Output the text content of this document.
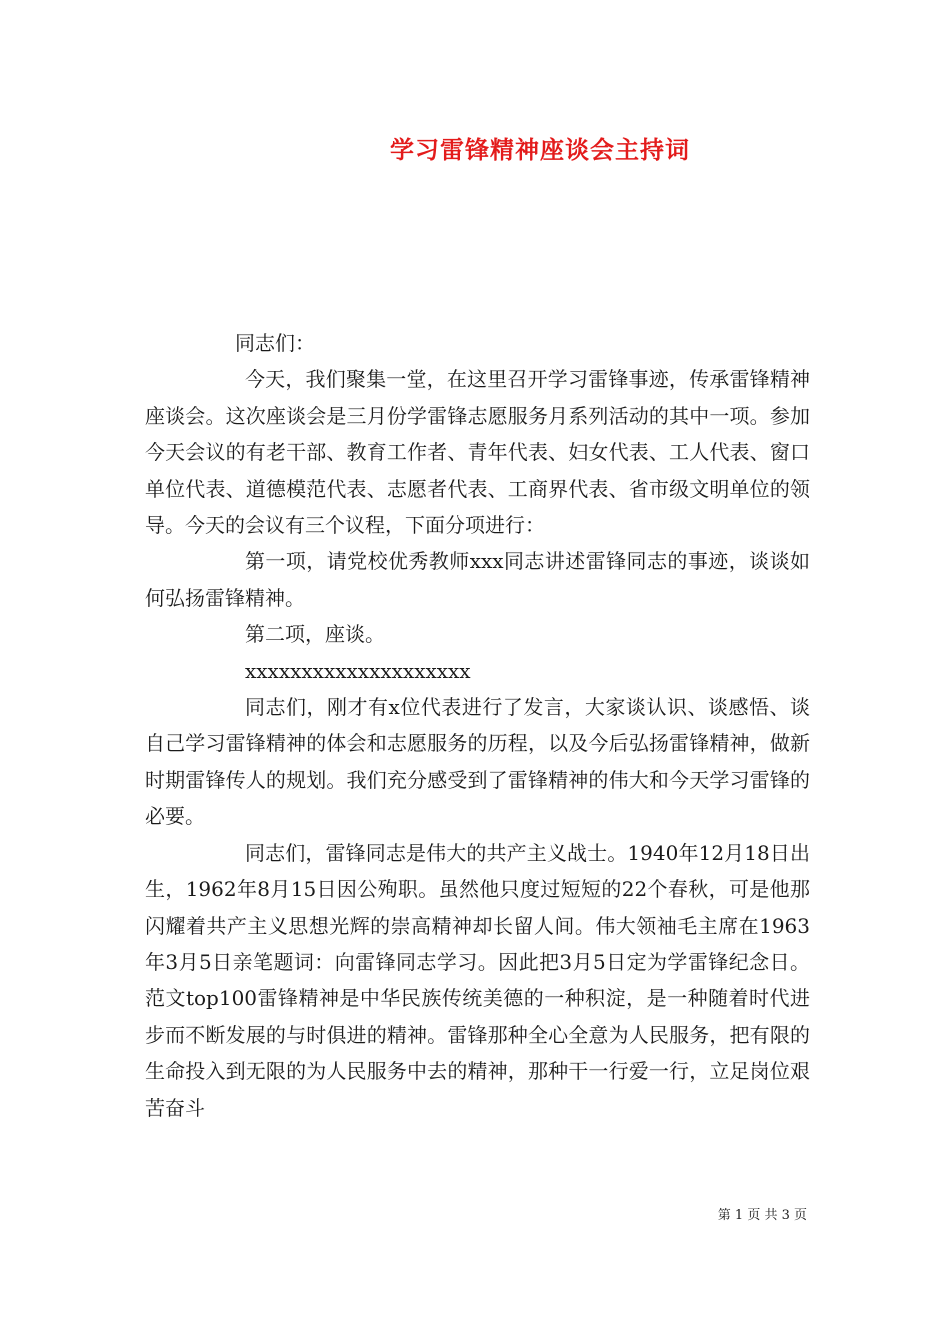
学习雷锋精神座谈会主持词

同志们：

今天，我们聚集一堂，在这里召开学习雷锋事迹，传承雷锋精神座谈会。这次座谈会是三月份学雷锋志愿服务月系列活动的其中一项。参加今天会议的有老干部、教育工作者、青年代表、妇女代表、工人代表、窗口单位代表、道德模范代表、志愿者代表、工商界代表、省市级文明单位的领导。今天的会议有三个议程，下面分项进行：

第一项，请党校优秀教师xxx同志讲述雷锋同志的事迹，谈谈如何弘扬雷锋精神。

第二项，座谈。

xxxxxxxxxxxxxxxxxxxx

同志们，刚才有x位代表进行了发言，大家谈认识、谈感悟、谈自己学习雷锋精神的体会和志愿服务的历程，以及今后弘扬雷锋精神，做新时期雷锋传人的规划。我们充分感受到了雷锋精神的伟大和今天学习雷锋的必要。

同志们，雷锋同志是伟大的共产主义战士。1940年12月18日出生，1962年8月15日因公殉职。虽然他只度过短短的22个春秋，可是他那闪耀着共产主义思想光辉的崇高精神却长留人间。伟大领袖毛主席在1963年3月5日亲笔题词：向雷锋同志学习。因此把3月5日定为学雷锋纪念日。范文top100雷锋精神是中华民族传统美德的一种积淀，是一种随着时代进步而不断发展的与时俱进的精神。雷锋那种全心全意为人民服务，把有限的生命投入到无限的为人民服务中去的精神，那种干一行爱一行，立足岗位艰苦奋斗

第 1 页 共 3 页
